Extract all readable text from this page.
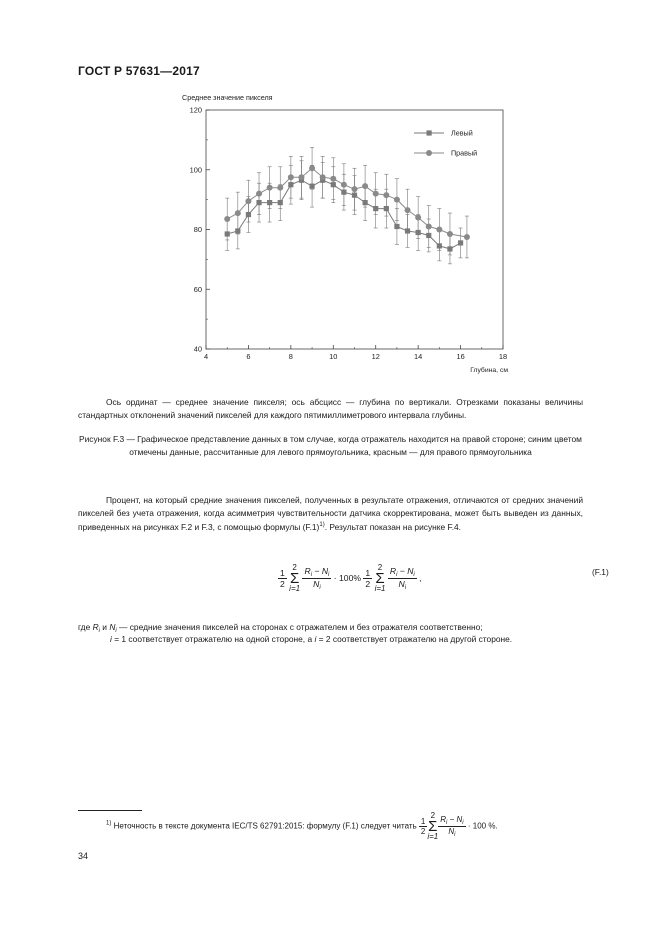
ГОСТ Р 57631—2017
Среднее значение пикселя
Глубина, см
4	6	8	10	12	14	16	18
40
60
80
100
120
Левый
Правый
Ось ординат — среднее значение пикселя; ось абсцисс — глубина по вертикали. Отрезками показаны величины стандартных отклонений значений пикселей для каждого пятимиллиметрового интервала глубины.
Рисунок F.3 — Графическое представление данных в том случае, когда отражатель находится на правой стороне; синим цветом отмечены данные, рассчитанные для левого прямоугольника, красным — для правого прямоугольника
Процент, на который средние значения пикселей, полученных в результате отражения, отличаются от средних значений пикселей без учета отражения, когда асимметрия чувствительности датчика скорректирована, может быть выведен из данных, приведенных на рисунках F.2 и F.3, с помощью формулы $(F.1)^{1)}$. Результат показан на рисунке F.4.
$\frac{1}{2}$
2
Σ
$i=1 \frac{R_i - N_i}{N_i} \cdot 100\% \frac{1}{2}$
2
Σ
$i=1 \frac{R_i - N_i}{N_i}$ ,
(F.1)
где $R_i$ и $N_i$ — средние значения пикселей на сторонах с отражателем и без отражателя соответственно;
i = 1 соответствует отражателю на одной стороне, а i = 2 соответствует отражателю на другой стороне.
$^{1)}$ Неточность в тексте документа IEC/TS 62791:2015: формулу (F.1) следует читать $\frac{1}{2}$
2
Σ
$i=1 \frac{R_i - N_i}{N_i} \cdot 100$ %.
34
